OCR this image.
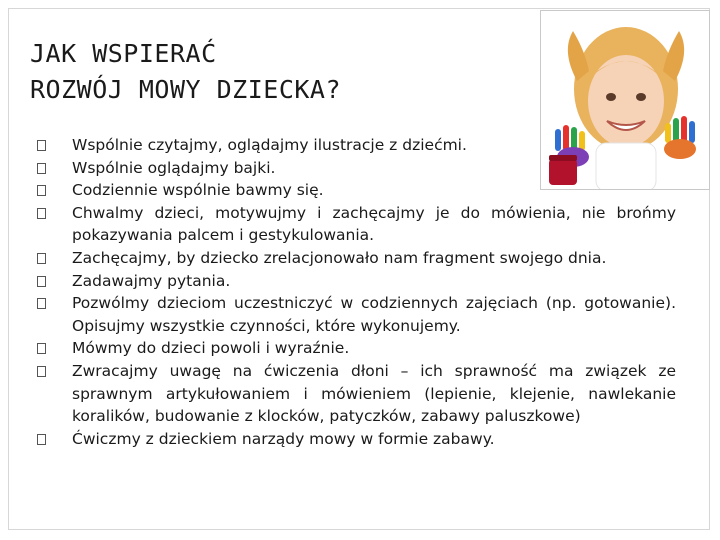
JAK WSPIERAĆ
ROZWÓJ MOWY DZIECKA?
Wspólnie czytajmy, oglądajmy ilustracje z dziećmi.
Wspólnie oglądajmy bajki.
Codziennie wspólnie bawmy się.
Chwalmy dzieci, motywujmy i zachęcajmy je do mówienia, nie brońmy pokazywania palcem i gestykulowania.
Zachęcajmy, by dziecko zrelacjonowało nam fragment swojego dnia.
Zadawajmy pytania.
Pozwólmy dzieciom uczestniczyć w codziennych zajęciach (np. gotowanie). Opisujmy wszystkie czynności, które wykonujemy.
Mówmy do dzieci powoli i wyraźnie.
Zwracajmy uwagę na ćwiczenia dłoni – ich sprawność ma związek ze sprawnym artykułowaniem i mówieniem (lepienie, klejenie, nawlekanie koralików, budowanie z klocków, patyczków, zabawy paluszkowe)
Ćwiczmy z dzieckiem narządy mowy w formie zabawy.
